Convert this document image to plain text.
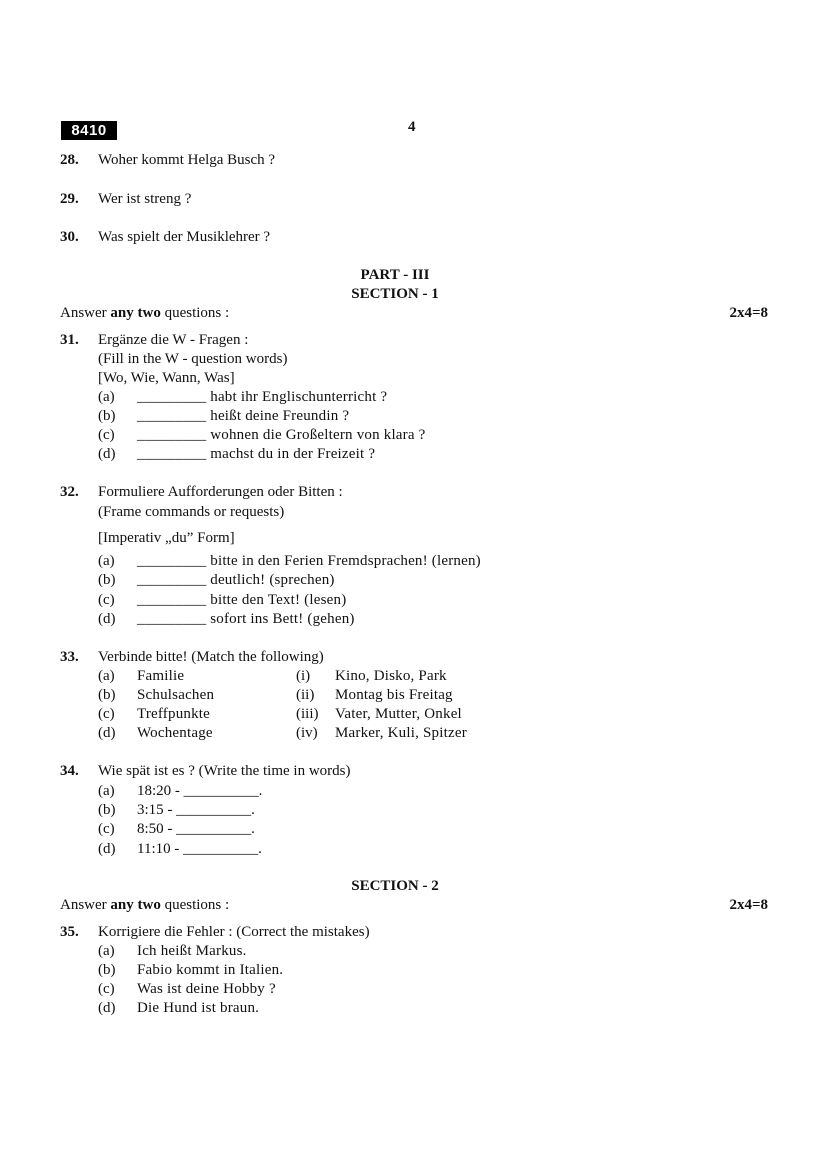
8410	4
28. Woher kommt Helga Busch ?
29. Wer ist streng ?
30. Was spielt der Musiklehrer ?
PART - III
SECTION - 1
Answer any two questions :	2x4=8
31. Ergänze die W - Fragen :
(Fill in the W - question words)
[Wo, Wie, Wann, Was]
(a) _________ habt ihr Englischunterricht ?
(b) _________ heißt deine Freundin ?
(c) _________ wohnen die Großeltern von klara ?
(d) _________ machst du in der Freizeit ?
32. Formuliere Aufforderungen oder Bitten :
(Frame commands or requests)
[Imperativ „du” Form]
(a) _________ bitte in den Ferien Fremdsprachen! (lernen)
(b) _________ deutlich! (sprechen)
(c) _________ bitte den Text! (lesen)
(d) _________ sofort ins Bett! (gehen)
33. Verbinde bitte! (Match the following)
(a) Familie	(i) Kino, Disko, Park
(b) Schulsachen	(ii) Montag bis Freitag
(c) Treffpunkte	(iii) Vater, Mutter, Onkel
(d) Wochentage	(iv) Marker, Kuli, Spitzer
34. Wie spät ist es ? (Write the time in words)
(a) 18:20 - __________.
(b) 3:15 - __________.
(c) 8:50 - __________.
(d) 11:10 - __________.
SECTION - 2
Answer any two questions :	2x4=8
35. Korrigiere die Fehler : (Correct the mistakes)
(a) Ich heißt Markus.
(b) Fabio kommt in Italien.
(c) Was ist deine Hobby ?
(d) Die Hund ist braun.
